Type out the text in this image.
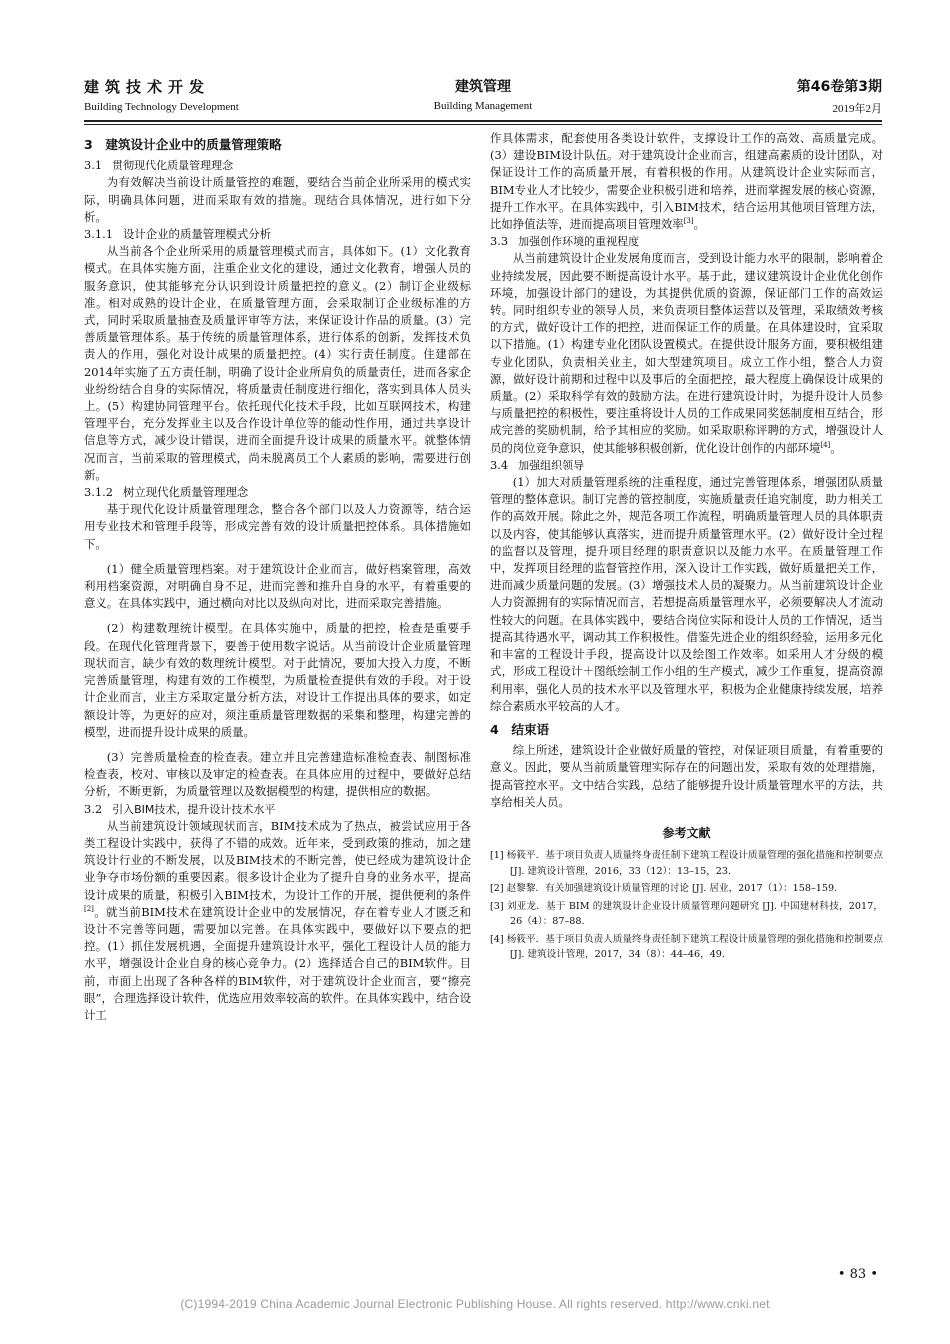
建筑技术开发
Building Technology Development
建筑管理
Building Management
第46卷第3期
2019年2月
3　建筑设计企业中的质量管理策略
3.1 贯彻现代化质量管理理念

为有效解决当前设计质量管控的难题，要结合当前企业所采用的模式实际，明确具体问题，进而采取有效的措施。现结合具体情况，进行如下分析。

3.1.1 设计企业的质量管理模式分析

从当前各个企业所采用的质量管理模式而言，具体如下。(1）文化教育模式。在具体实施方面，注重企业文化的建设，通过文化教育，增强人员的服务意识，使其能够充分认识到设计质量把控的意义。(2）制订企业级标准。相对成熟的设计企业，在质量管理方面，会采取制订企业级标准的方式，同时采取质量抽查及质量评审等方法，来保证设计作品的质量。(3）完善质量管理体系。基于传统的质量管理体系，进行体系的创新，发挥技术负责人的作用，强化对设计成果的质量把控。(4）实行责任制度。住建部在2014年实施了五方责任制，明确了设计企业所肩负的质量责任，进而各家企业纷纷结合自身的实际情况，将质量责任制度进行细化，落实到具体人员头上。(5）构建协同管理平台。依托现代化技术手段，比如互联网技术，构建管理平台，充分发挥业主以及合作设计单位等的能动性作用，通过共享设计信息等方式，减少设计错误，进而全面提升设计成果的质量水平。就整体情况而言，当前采取的管理模式，尚未脱离员工个人素质的影响，需要进行创新。

3.1.2 树立现代化质量管理理念

基于现代化设计质量管理理念，整合各个部门以及人力资源等，结合运用专业技术和管理手段等，形成完善有效的设计质量把控体系。具体措施如下。

(1）健全质量管理档案。对于建筑设计企业而言，做好档案管理，高效利用档案资源，对明确自身不足，进而完善和推升自身的水平，有着重要的意义。在具体实践中，通过横向对比以及纵向对比，进而采取完善措施。

(2）构建数理统计模型。在具体实施中，质量的把控，检查是重要手段。在现代化管理背景下，要善于使用数字说话。从当前设计企业质量管理现状而言，缺少有效的数理统计模型。对于此情况，要加大投入力度，不断完善质量管理，构建有效的工作模型，为质量检查提供有效的手段。对于设计企业而言，业主方采取定量分析方法，对设计工作提出具体的要求，如定额设计等，为更好的应对，须注重质量管理数据的采集和整理，构建完善的模型，进而提升设计成果的质量。

(3）完善质量检查的检查表。建立并且完善建造标准检查表、制图标准检查表，校对、审核以及审定的检查表。在具体应用的过程中，要做好总结分析，不断更新，为质量管理以及数据模型的构建，提供相应的数据。

3.2 引入BIM技术，提升设计技术水平

从当前建筑设计领域现状而言，BIM技术成为了热点，被尝试应用于各类工程设计实践中，获得了不错的成效。近年来，受到政策的推动，加之建筑设计行业的不断发展，以及BIM技术的不断完善，使已经成为建筑设计企业争夺市场份额的重要因素。很多设计企业为了提升自身的业务水平，提高设计成果的质量，积极引入BIM技术，为设计工作的开展，提供便利的条件[2]。就当前BIM技术在建筑设计企业中的发展情况，存在着专业人才匮乏和设计不完善等问题，需要加以完善。在具体实践中，要做好以下要点的把控。(1）抓住发展机遇，全面提升建筑设计水平，强化工程设计人员的能力水平，增强设计企业自身的核心竞争力。(2）选择适合自己的BIM软件。目前，市面上出现了各种各样的BIM软件，对于建筑设计企业而言，要“擦亮眼”，合理选择设计软件，优选应用效率较高的软件。在具体实践中，结合设计工

作具体需求，配套使用各类设计软件，支撑设计工作的高效、高质量完成。(3）建设BIM设计队伍。对于建筑设计企业而言，组建高素质的设计团队，对保证设计工作的高质量开展，有着积极的作用。从建筑设计企业实际而言，BIM专业人才比较少，需要企业积极引进和培养，进而掌握发展的核心资源，提升工作水平。在具体实践中，引入BIM技术，结合运用其他项目管理方法，比如挣值法等，进而提高项目管理效率[3]。

3.3 加强创作环境的重视程度

从当前建筑设计企业发展角度而言，受到设计能力水平的限制，影响着企业持续发展，因此要不断提高设计水平。基于此，建议建筑设计企业优化创作环境，加强设计部门的建设，为其提供优质的资源，保证部门工作的高效运转。同时组织专业的领导人员，来负责项目整体运营以及管理，采取绩效考核的方式，做好设计工作的把控，进而保证工作的质量。在具体建设时，宜采取以下措施。(1）构建专业化团队设置模式。在提供设计服务方面，要积极组建专业化团队，负责相关业主，如大型建筑项目。成立工作小组，整合人力资源，做好设计前期和过程中以及事后的全面把控，最大程度上确保设计成果的质量。(2）采取科学有效的鼓励方法。在进行建筑设计时，为提升设计人员参与质量把控的积极性，要注重将设计人员的工作成果同奖惩制度相互结合，形成完善的奖励机制，给予其相应的奖励。如采取职称评聘的方式，增强设计人员的岗位竞争意识，使其能够积极创新，优化设计创作的内部环境[4]。

3.4 加强组织领导

(1）加大对质量管理系统的注重程度，通过完善管理体系，增强团队质量管理的整体意识。制订完善的管控制度，实施质量责任追究制度，助力相关工作的高效开展。除此之外，规范各项工作流程，明确质量管理人员的具体职责以及内容，使其能够认真落实，进而提升质量管理水平。(2）做好设计全过程的监督以及管理，提升项目经理的职责意识以及能力水平。在质量管理工作中，发挥项目经理的监督管控作用，深入设计工作实践，做好质量把关工作，进而减少质量问题的发展。(3）增强技术人员的凝聚力。从当前建筑设计企业人力资源拥有的实际情况而言，若想提高质量管理水平，必须要解决人才流动性较大的问题。在具体实践中，要结合岗位实际和设计人员的工作情况，适当提高其待遇水平，调动其工作积极性。借鉴先进企业的组织经验，运用多元化和丰富的工程设计手段，提高设计以及绘图工作效率。如采用人才分级的模式，形成工程设计＋图纸绘制工作小组的生产模式，减少工作重复，提高资源利用率，强化人员的技术水平以及管理水平，积极为企业健康持续发展，培养综合素质水平较高的人才。

4　结束语

综上所述，建筑设计企业做好质量的管控，对保证项目质量，有着重要的意义。因此，要从当前质量管理实际存在的问题出发，采取有效的处理措施，提高管控水平。文中结合实践，总结了能够提升设计质量管理水平的方法，共享给相关人员。

参考文献
[1] 杨筱平．基于项目负责人质量终身责任制下建筑工程设计质量管理的强化措施和控制要点 [J]. 建筑设计管理，2016，33（12）：13–15，23.
[2] 赵黎黎．有关加强建筑设计质量管理的讨论 [J]. 居业，2017（1）：158–159.
[3] 刘亚龙．基于 BIM 的建筑设计企业设计质量管理问题研究 [J]. 中国建材科技，2017，26（4）：87–88.
[4] 杨筱平．基于项目负责人质量终身责任制下建筑工程设计质量管理的强化措施和控制要点 [J]. 建筑设计管理，2017，34（8）：44–46，49.
• 83 •
(C)1994-2019 China Academic Journal Electronic Publishing House. All rights reserved. http://www.cnki.net
